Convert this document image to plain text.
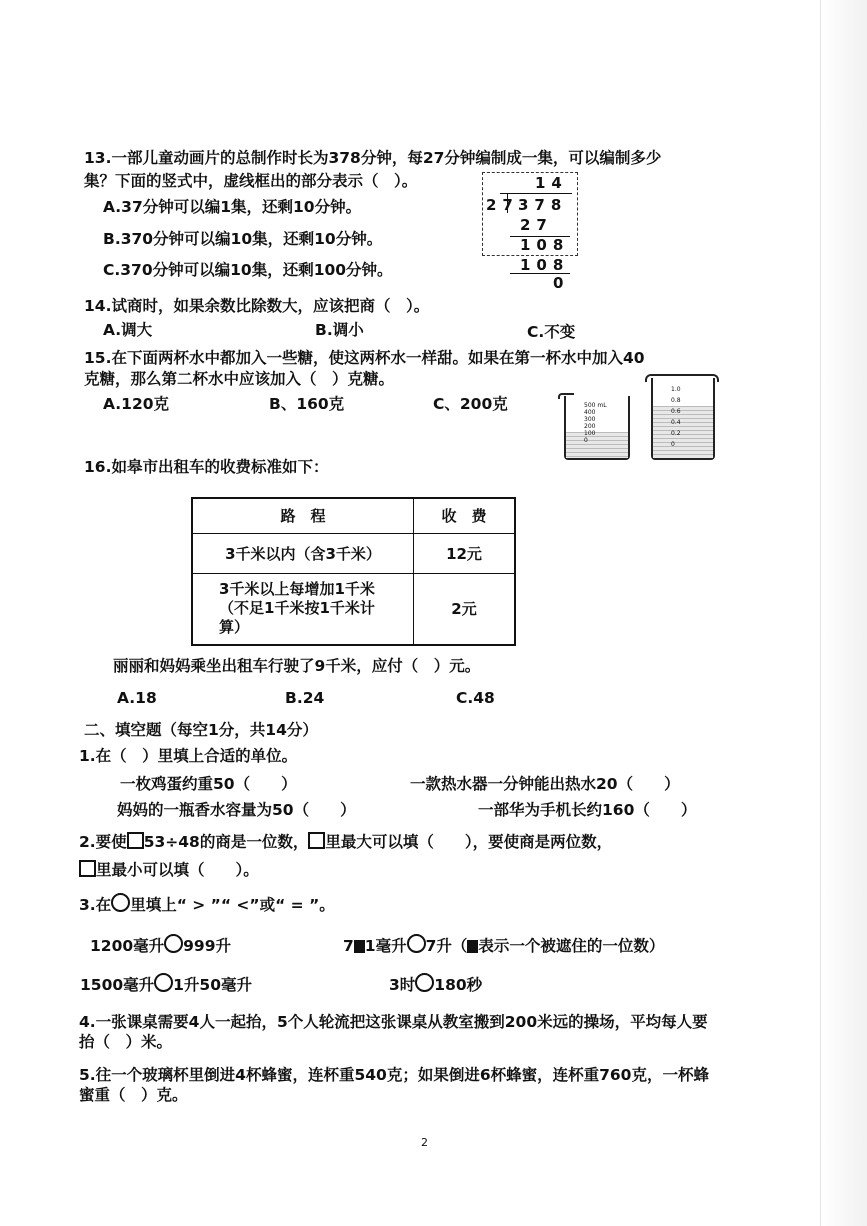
13.一部儿童动画片的总制作时长为378分钟，每27分钟编制成一集，可以编制多少
集？下面的竖式中，虚线框出的部分表示（　）。
A.37分钟可以编1集，还剩10分钟。
B.370分钟可以编10集，还剩10分钟。
C.370分钟可以编10集，还剩100分钟。
14
27 378
27
108
108
0
14.试商时，如果余数比除数大，应该把商（　）。
A.调大	B.调小	C.不变
15.在下面两杯水中都加入一些糖，使这两杯水一样甜。如果在第一杯水中加入40
克糖，那么第二杯水中应该加入（　）克糖。
A.120克	B、160克	C、200克	500 mL
400
300
200
100
0
1.0
0.8
0.6
0.4
0.2
0
16.如皋市出租车的收费标准如下：
路　程	收　费
3千米以内（含3千米）	12元
3千米以上每增加1千米（不足1千米按1千米计算）	2元
丽丽和妈妈乘坐出租车行驶了9千米，应付（　）元。
A.18	B.24	C.48
二、填空题（每空1分，共14分）
1.在（　）里填上合适的单位。
一枚鸡蛋约重50（　　）	一款热水器一分钟能出热水20（　　）
妈妈的一瓶香水容量为50（　　）	一部华为手机长约160（　　）
2.要使 53÷48的商是一位数， 里最大可以填（　　），要使商是两位数，
里最小可以填（　　）。
3.在 里填上“ > ”“ <”或“ = ”。
1200毫升 999升	7 1毫升 7升（ 表示一个被遮住的一位数）
1500毫升 1升50毫升	3时 180秒
4.一张课桌需要4人一起抬，5个人轮流把这张课桌从教室搬到200米远的操场，平均每人要
抬（　）米。
5.往一个玻璃杯里倒进4杯蜂蜜，连杯重540克；如果倒进6杯蜂蜜，连杯重760克，一杯蜂
蜜重（　）克。
2
